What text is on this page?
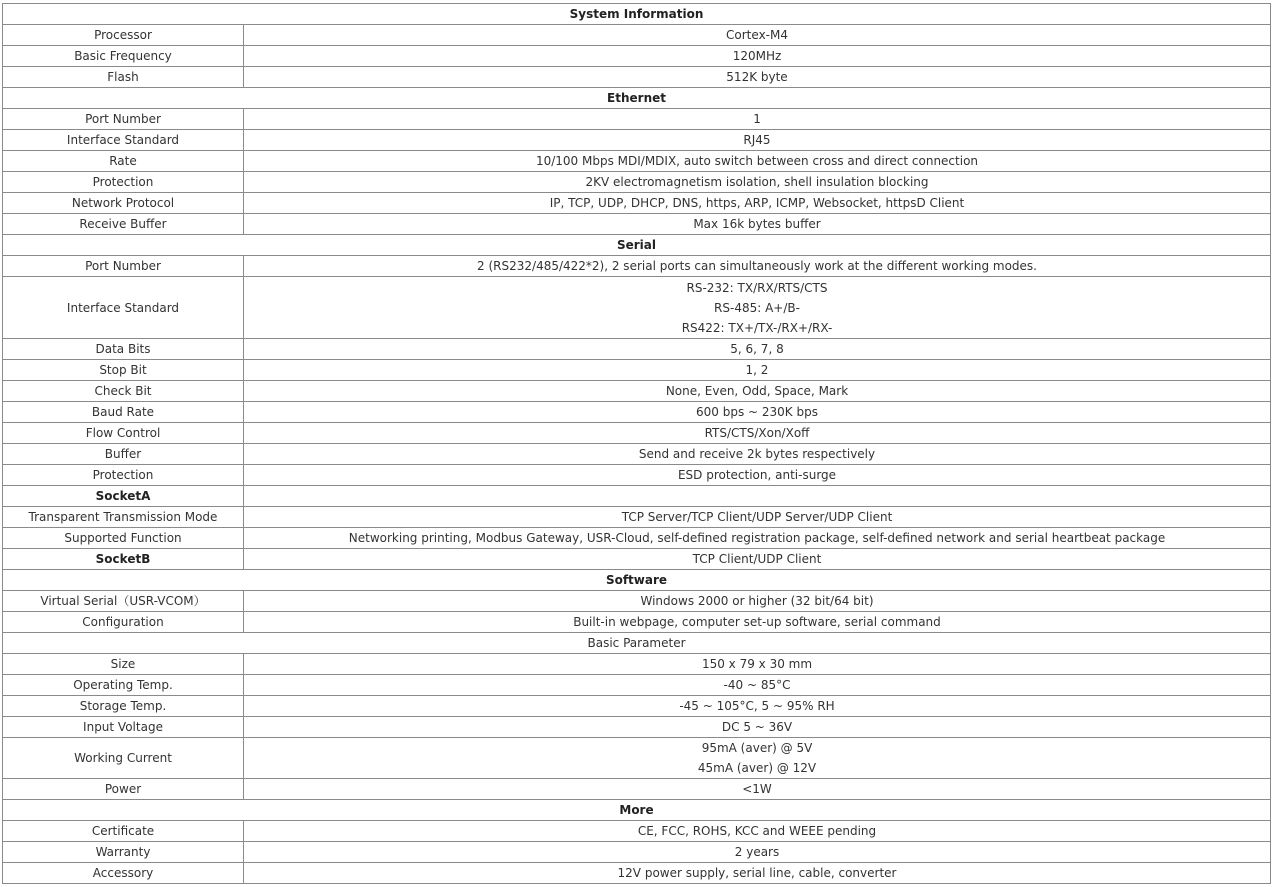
System Information	
Processor	Cortex-M4
Basic Frequency	120MHz
Flash	512K byte
Ethernet	
Port Number	1
Interface Standard	RJ45
Rate	10/100 Mbps MDI/MDIX, auto switch between cross and direct connection
Protection	2KV electromagnetism isolation, shell insulation blocking
Network Protocol	IP, TCP, UDP, DHCP, DNS, https, ARP, ICMP, Websocket, httpsD Client
Receive Buffer	Max 16k bytes buffer
Serial	
Port Number	2 (RS232/485/422*2), 2 serial ports can simultaneously work at the different working modes.
Interface Standard	RS-232: TX/RX/RTS/CTS
RS-485: A+/B-
RS422: TX+/TX-/RX+/RX-

Data Bits	5, 6, 7, 8
Stop Bit	1, 2
Check Bit	None, Even, Odd, Space, Mark
Baud Rate	600 bps ~ 230K bps
Flow Control	RTS/CTS/Xon/Xoff
Buffer	Send and receive 2k bytes respectively
Protection	ESD protection, anti-surge
SocketA	
Transparent Transmission Mode	TCP Server/TCP Client/UDP Server/UDP Client
Supported Function	Networking printing, Modbus Gateway, USR-Cloud, self-defined registration package, self-defined network and serial heartbeat package
SocketB	TCP Client/UDP Client
Software	
Virtual Serial（USR-VCOM）	Windows 2000 or higher (32 bit/64 bit)
Configuration	Built-in webpage, computer set-up software, serial command
Basic Parameter	
Size	150 x 79 x 30 mm
Operating Temp.	-40 ~ 85°C
Storage Temp.	-45 ~ 105°C, 5 ~ 95% RH
Input Voltage	DC 5 ~ 36V
Working Current	95mA (aver) @ 5V
45mA (aver) @ 12V

Power	<1W
More	
Certificate	CE, FCC, ROHS, KCC and WEEE pending
Warranty	2 years
Accessory	12V power supply, serial line, cable, converter
